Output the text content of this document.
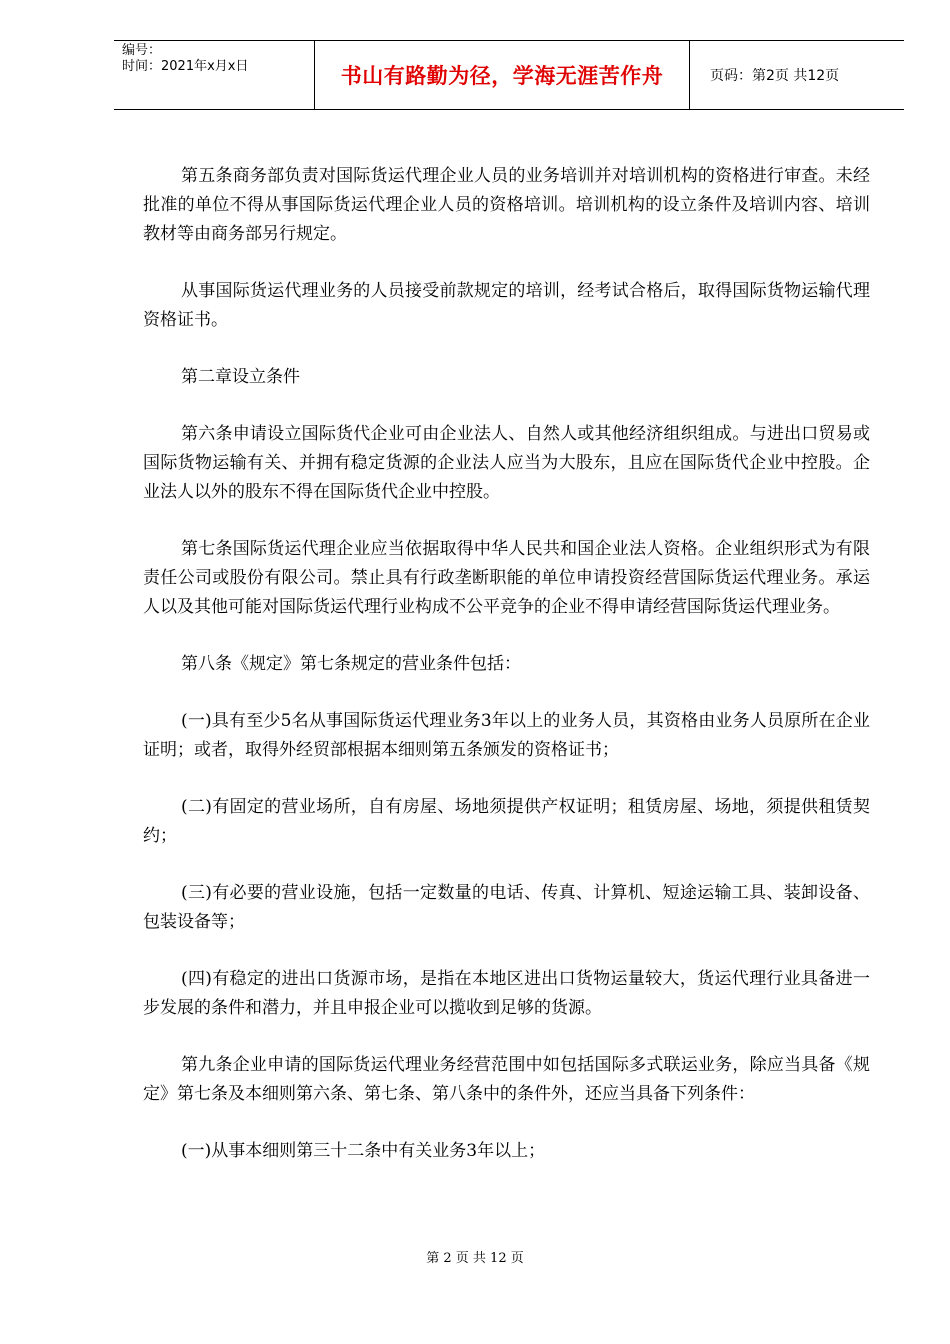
编号：
时间：2021年x月x日	书山有路勤为径，学海无涯苦作舟	页码：第2页 共12页

第五条商务部负责对国际货运代理企业人员的业务培训并对培训机构的资格进行审查。未经批准的单位不得从事国际货运代理企业人员的资格培训。培训机构的设立条件及培训内容、培训教材等由商务部另行规定。

从事国际货运代理业务的人员接受前款规定的培训，经考试合格后，取得国际货物运输代理资格证书。

第二章设立条件

第六条申请设立国际货代企业可由企业法人、自然人或其他经济组织组成。与进出口贸易或国际货物运输有关、并拥有稳定货源的企业法人应当为大股东，且应在国际货代企业中控股。企业法人以外的股东不得在国际货代企业中控股。

第七条国际货运代理企业应当依据取得中华人民共和国企业法人资格。企业组织形式为有限责任公司或股份有限公司。禁止具有行政垄断职能的单位申请投资经营国际货运代理业务。承运人以及其他可能对国际货运代理行业构成不公平竞争的企业不得申请经营国际货运代理业务。

第八条《规定》第七条规定的营业条件包括：

(一)具有至少5名从事国际货运代理业务3年以上的业务人员，其资格由业务人员原所在企业证明；或者，取得外经贸部根据本细则第五条颁发的资格证书；

(二)有固定的营业场所，自有房屋、场地须提供产权证明；租赁房屋、场地，须提供租赁契约；

(三)有必要的营业设施，包括一定数量的电话、传真、计算机、短途运输工具、装卸设备、包装设备等；

(四)有稳定的进出口货源市场，是指在本地区进出口货物运量较大，货运代理行业具备进一步发展的条件和潜力，并且申报企业可以揽收到足够的货源。

第九条企业申请的国际货运代理业务经营范围中如包括国际多式联运业务，除应当具备《规定》第七条及本细则第六条、第七条、第八条中的条件外，还应当具备下列条件：

(一)从事本细则第三十二条中有关业务3年以上；

第 2 页 共 12 页
